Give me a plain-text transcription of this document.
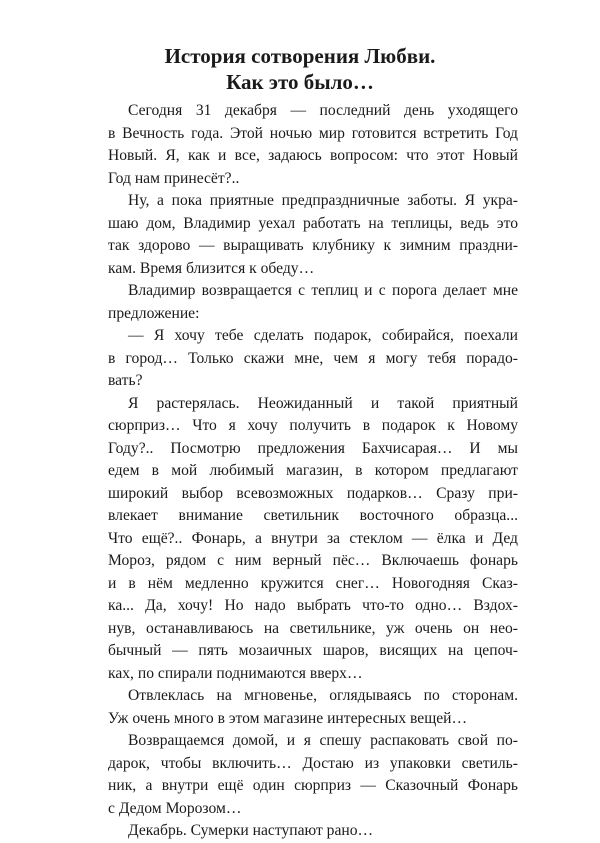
История сотворения Любви.
Как это было…

Сегодня 31 декабря — последний день уходящего
в Вечность года. Этой ночью мир готовится встретить Год
Новый. Я, как и все, задаюсь вопросом: что этот Новый
Год нам принесёт?..

Ну, а пока приятные предпраздничные заботы. Я укра-
шаю дом, Владимир уехал работать на теплицы, ведь это
так здорово — выращивать клубнику к зимним праздни-
кам. Время близится к обеду…

Владимир возвращается с теплиц и с порога делает мне
предложение:

— Я хочу тебе сделать подарок, собирайся, поехали
в город… Только скажи мне, чем я могу тебя порадо-
вать?

Я растерялась. Неожиданный и такой приятный
сюрприз… Что я хочу получить в подарок к Новому
Году?.. Посмотрю предложения Бахчисарая… И мы
едем в мой любимый магазин, в котором предлагают
широкий выбор всевозможных подарков… Сразу при-
влекает внимание светильник восточного образца...
Что ещё?.. Фонарь, а внутри за стеклом — ёлка и Дед
Мороз, рядом с ним верный пёс… Включаешь фонарь
и в нём медленно кружится снег… Новогодняя Сказ-
ка... Да, хочу! Но надо выбрать что-то одно… Вздох-
нув, останавливаюсь на светильнике, уж очень он нео-
бычный — пять мозаичных шаров, висящих на цепоч-
ках, по спирали поднимаются вверх…

Отвлеклась на мгновенье, оглядываясь по сторонам.
Уж очень много в этом магазине интересных вещей…

Возвращаемся домой, и я спешу распаковать свой по-
дарок, чтобы включить… Достаю из упаковки светиль-
ник, а внутри ещё один сюрприз — Сказочный Фонарь
с Дедом Морозом…

Декабрь. Сумерки наступают рано…
